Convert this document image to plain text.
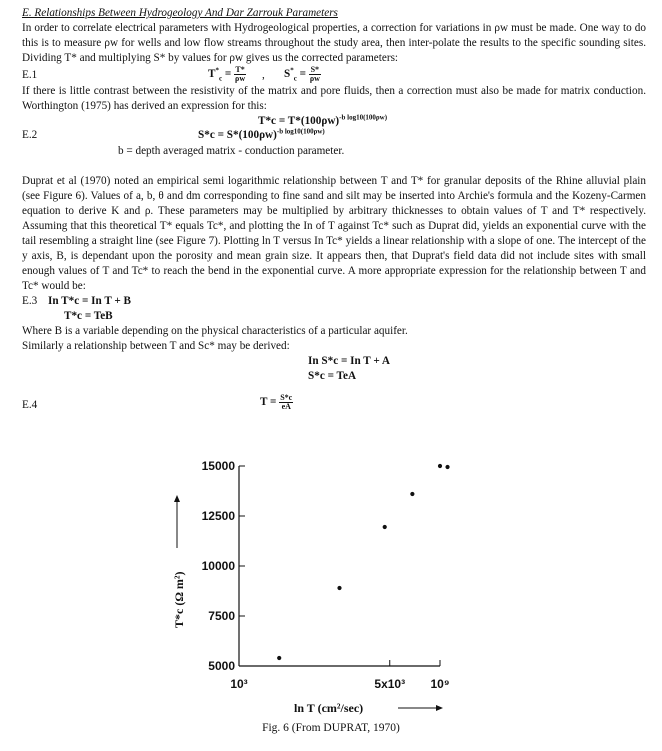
E. Relationships Between Hydrogeology And Dar Zarrouk Parameters

In order to correlate electrical parameters with Hydrogeological properties, a correction for variations in ρw must be made. One way to do this is to measure ρw for wells and low flow streams throughout the study area, then inter-polate the results to the specific sounding sites. Dividing T* and multiplying S* by values for ρw gives us the corrected parameters:

E.1	$T^*_c = \frac{T*}{\rho w}$ , $S^*_c = \frac{S*}{\rho w}$

If there is little contrast between the resistivity of the matrix and pore fluids, then a correction must also be made for matrix conduction. Worthington (1975) has derived an expression for this:

$T*c = T*(100\rho w)^{-b log10(100\rho w)}$
E.2	$S*c = S*(100\rho w)^{-b log10(100\rho w)}$
b = depth averaged matrix - conduction parameter.

Duprat et al (1970) noted an empirical semi logarithmic relationship between T and T* for granular deposits of the Rhine alluvial plain (see Figure 6). Values of a, b, θ and dm corresponding to fine sand and silt may be inserted into Archie's formula and the Kozeny-Carmen equation to derive K and ρ. These parameters may be multiplied by arbitrary thicknesses to obtain values of T and T* respectively. Assuming that this theoretical T* equals Tc*, and plotting the In of T against Tc* such as Duprat did, yields an exponential curve with the tail resembling a straight line (see Figure 7). Plotting ln T versus In Tc* yields a linear relationship with a slope of one. The intercept of the y axis, B, is dependant upon the porosity and mean grain size. It appears then, that Duprat's field data did not include sites with small enough values of T and Tc* to reach the bend in the exponential curve. A more appropriate expression for the relationship between T and Tc* would be:

E.3 In T*c = In T + B
T*c = TeB

Where B is a variable depending on the physical characteristics of a particular aquifer.

Similarly a relationship between T and Sc* may be derived:

In S*c = In T + A
S*c = TeA
E.4	$T = \frac{S*c}{eA}$
15000
12500
10000
7500
5000
10³	5x10³ 10⁹
ln T (cm²/sec)
T*c (Ω m²)
Fig. 6 (From DUPRAT, 1970)
